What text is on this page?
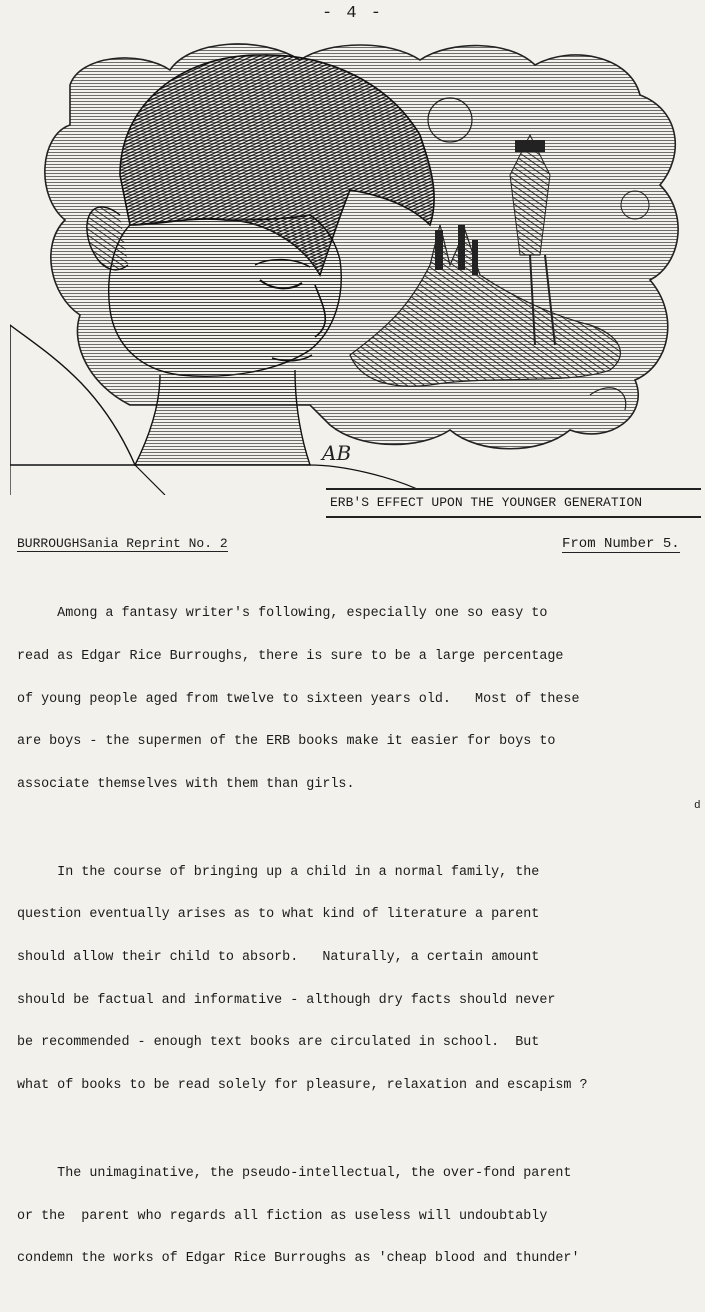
- 4 -
AB
ERB'S EFFECT UPON THE YOUNGER GENERATION
BURROUGHSania Reprint No. 2	From Number 5.

Among a fantasy writer's following, especially one so easy to

read as Edgar Rice Burroughs, there is sure to be a large percentage

of young people aged from twelve to sixteen years old.   Most of these

are boys - the supermen of the ERB books make it easier for boys to

associate themselves with them than girls.

In the course of bringing up a child in a normal family, the

question eventually arises as to what kind of literature a parent

should allow their child to absorb.   Naturally, a certain amount

should be factual and informative - although dry facts should never

be recommended - enough text books are circulated in school.  But

what of books to be read solely for pleasure, relaxation and escapism ?

The unimaginative, the pseudo-intellectual, the over-fond parent

or the  parent who regards all fiction as useless will undoubtably

condemn the works of Edgar Rice Burroughs as 'cheap blood and thunder'

d
